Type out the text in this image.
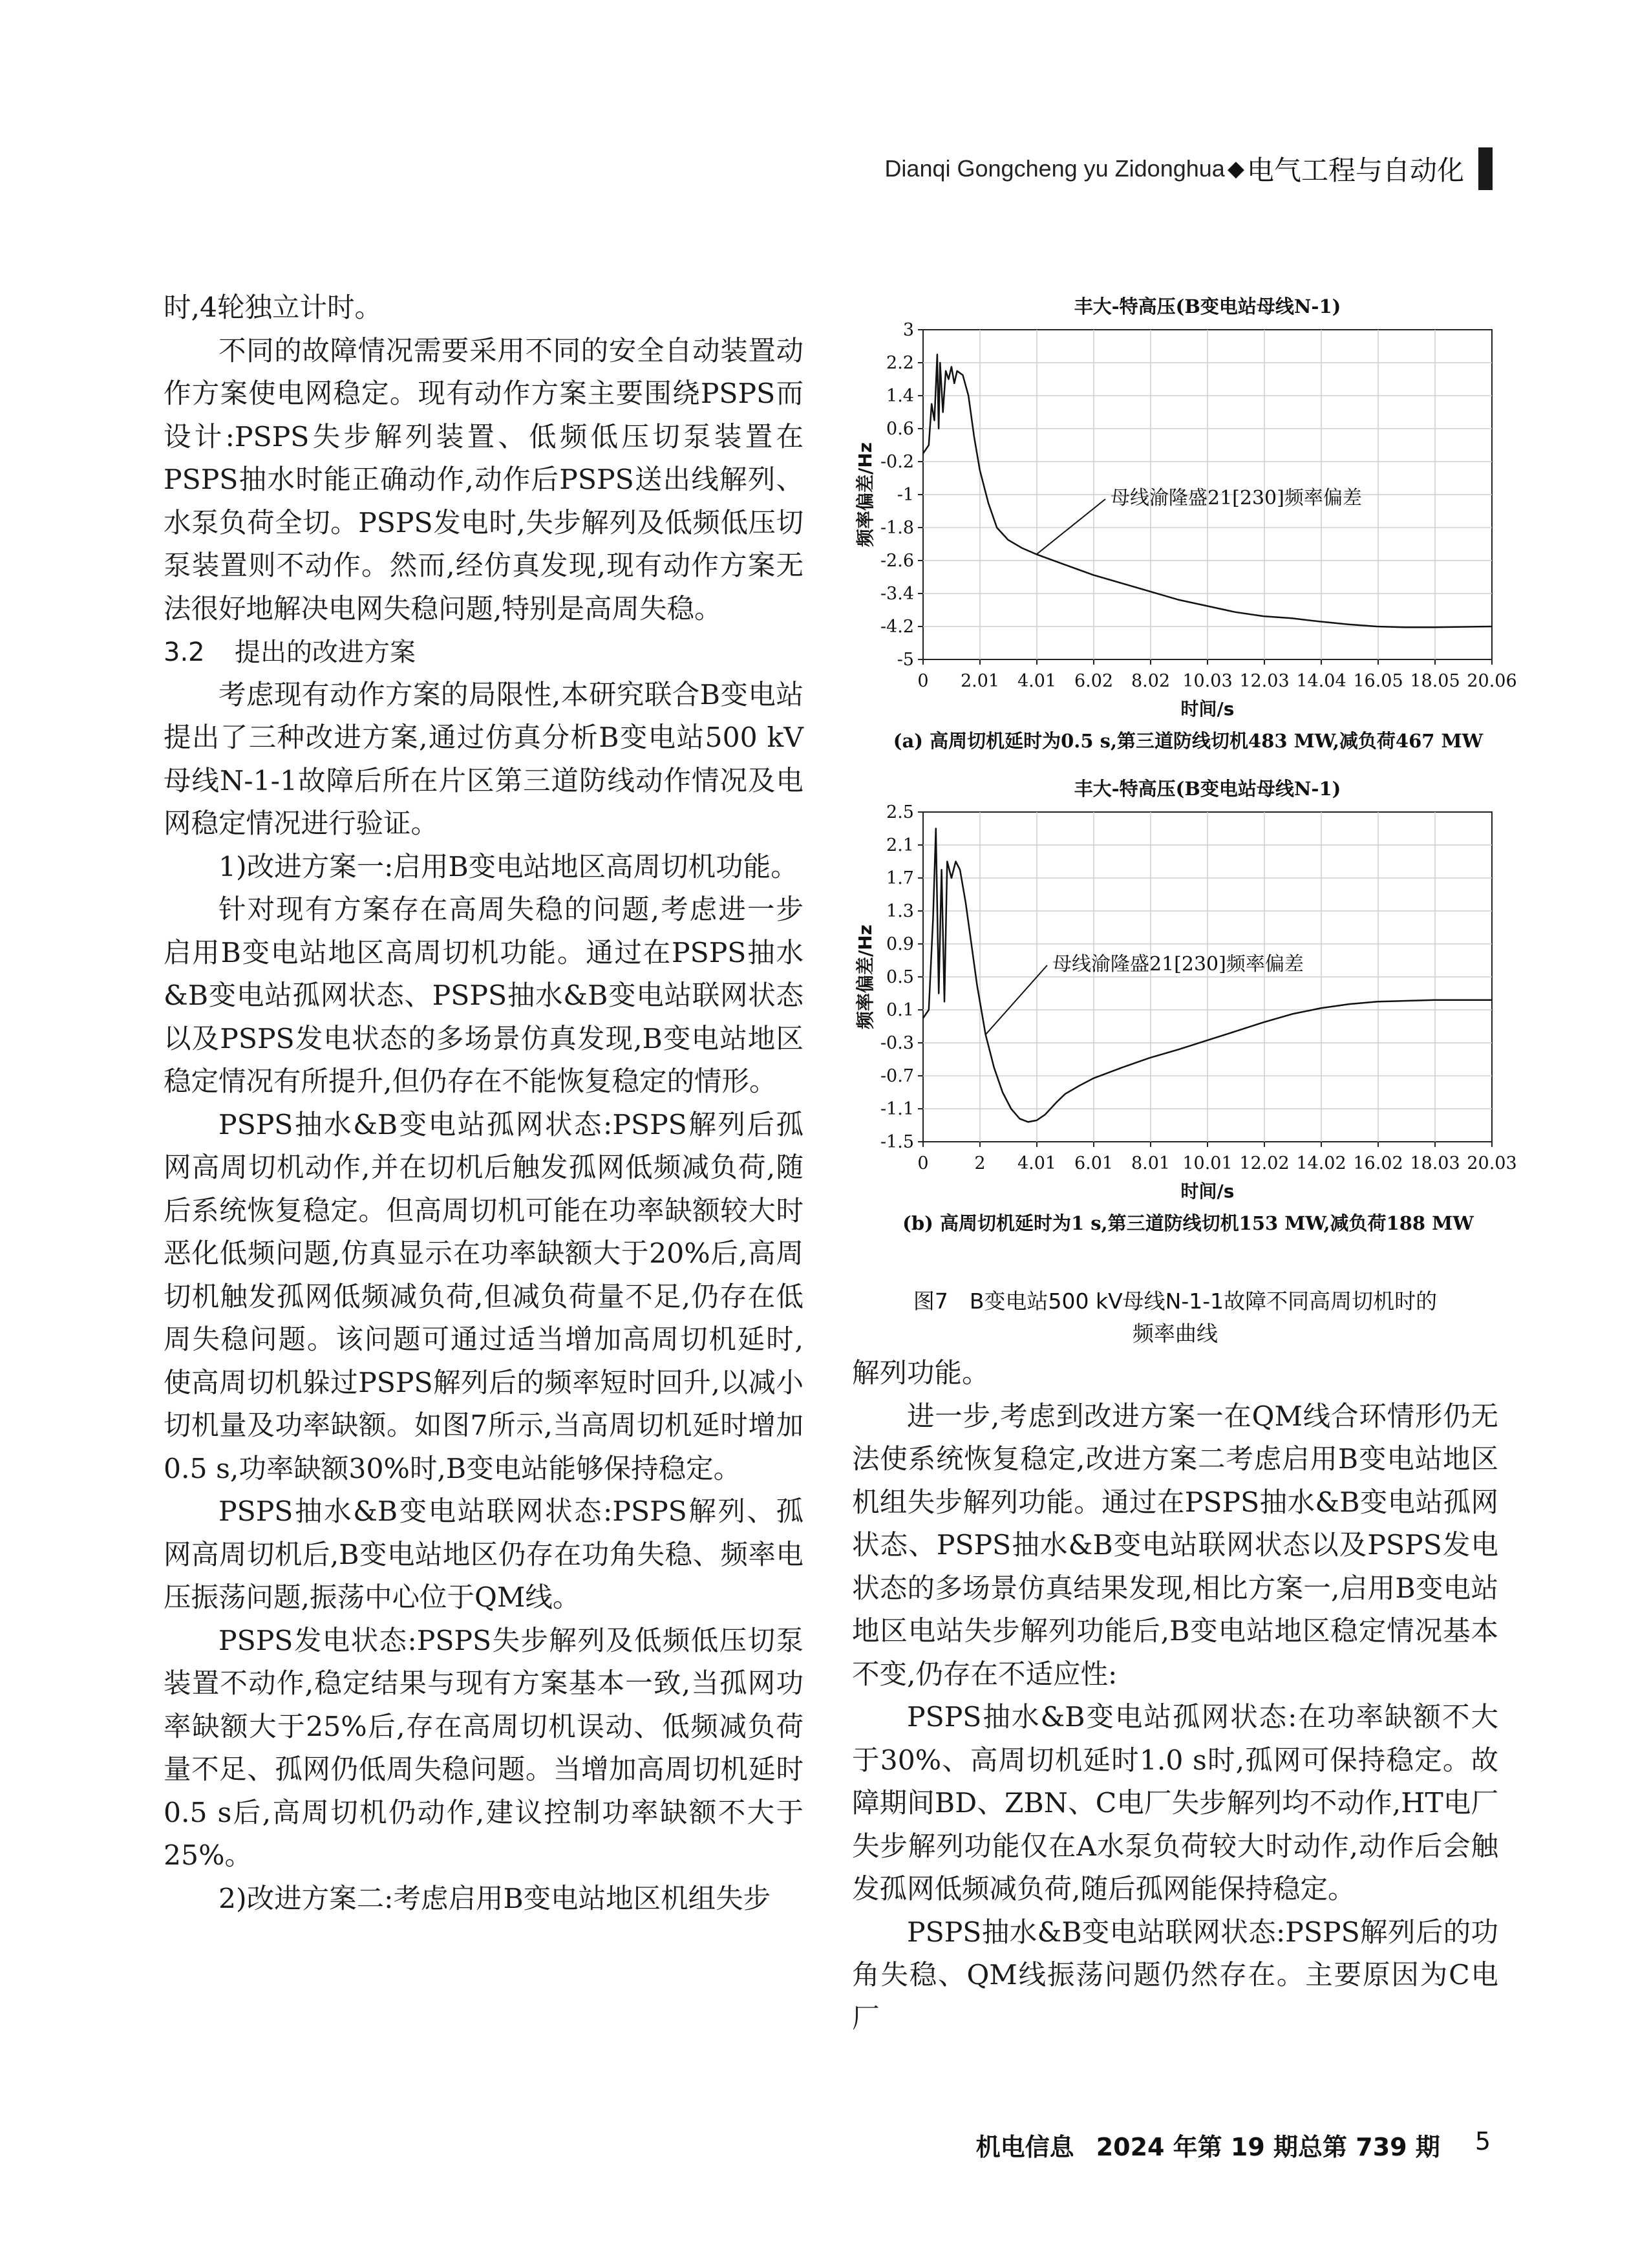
Dianqi Gongcheng yu Zidonghua ◆ 电气工程与自动化

时,4轮独立计时。

不同的故障情况需要采用不同的安全自动装置动作方案使电网稳定。现有动作方案主要围绕PSPS而设计:PSPS失步解列装置、低频低压切泵装置在PSPS抽水时能正确动作,动作后PSPS送出线解列、水泵负荷全切。PSPS发电时,失步解列及低频低压切泵装置则不动作。然而,经仿真发现,现有动作方案无法很好地解决电网失稳问题,特别是高周失稳。

3.2 提出的改进方案

考虑现有动作方案的局限性,本研究联合B变电站提出了三种改进方案,通过仿真分析B变电站500 kV母线N-1-1故障后所在片区第三道防线动作情况及电网稳定情况进行验证。

1)改进方案一:启用B变电站地区高周切机功能。

针对现有方案存在高周失稳的问题,考虑进一步启用B变电站地区高周切机功能。通过在PSPS抽水&B变电站孤网状态、PSPS抽水&B变电站联网状态以及PSPS发电状态的多场景仿真发现,B变电站地区稳定情况有所提升,但仍存在不能恢复稳定的情形。

PSPS抽水&B变电站孤网状态:PSPS解列后孤网高周切机动作,并在切机后触发孤网低频减负荷,随后系统恢复稳定。但高周切机可能在功率缺额较大时恶化低频问题,仿真显示在功率缺额大于20%后,高周切机触发孤网低频减负荷,但减负荷量不足,仍存在低周失稳问题。该问题可通过适当增加高周切机延时,使高周切机躲过PSPS解列后的频率短时回升,以减小切机量及功率缺额。如图7所示,当高周切机延时增加0.5 s,功率缺额30%时,B变电站能够保持稳定。

PSPS抽水&B变电站联网状态:PSPS解列、孤网高周切机后,B变电站地区仍存在功角失稳、频率电压振荡问题,振荡中心位于QM线。

PSPS发电状态:PSPS失步解列及低频低压切泵装置不动作,稳定结果与现有方案基本一致,当孤网功率缺额大于25%后,存在高周切机误动、低频减负荷量不足、孤网仍低周失稳问题。当增加高周切机延时0.5 s后,高周切机仍动作,建议控制功率缺额不大于25%。

2)改进方案二:考虑启用B变电站地区机组失步

丰大-特高压(B变电站母线N-1)
0 2.01 4.01 6.02 8.02 10.03 12.03 14.04 16.05 18.05 20.06
3
2.2
1.4
0.6
-0.2
-1
-1.8
-2.6
-3.4
-4.2
-5
时间/s
频率偏差/Hz	母线渝隆盛21[230]频率偏差
(a) 高周切机延时为0.5 s,第三道防线切机483 MW,减负荷467 MW
丰大-特高压(B变电站母线N-1)
0	2 4.01 6.01 8.01 10.01 12.02 14.02 16.02 18.03 20.03
2.5
2.1
1.7
1.3
0.9
0.5
0.1
-0.3
-0.7
-1.1
-1.5
时间/s
频率偏差/Hz	母线渝隆盛21[230]频率偏差
(b) 高周切机延时为1 s,第三道防线切机153 MW,减负荷188 MW
图7　B变电站500 kV母线N-1-1故障不同高周切机时的
频率曲线

解列功能。

进一步,考虑到改进方案一在QM线合环情形仍无法使系统恢复稳定,改进方案二考虑启用B变电站地区机组失步解列功能。通过在PSPS抽水&B变电站孤网状态、PSPS抽水&B变电站联网状态以及PSPS发电状态的多场景仿真结果发现,相比方案一,启用B变电站地区电站失步解列功能后,B变电站地区稳定情况基本不变,仍存在不适应性:

PSPS抽水&B变电站孤网状态:在功率缺额不大于30%、高周切机延时1.0 s时,孤网可保持稳定。故障期间BD、ZBN、C电厂失步解列均不动作,HT电厂失步解列功能仅在A水泵负荷较大时动作,动作后会触发孤网低频减负荷,随后孤网能保持稳定。

PSPS抽水&B变电站联网状态:PSPS解列后的功角失稳、QM线振荡问题仍然存在。主要原因为C电厂

机电信息 2024 年第 19 期总第 739 期 5
